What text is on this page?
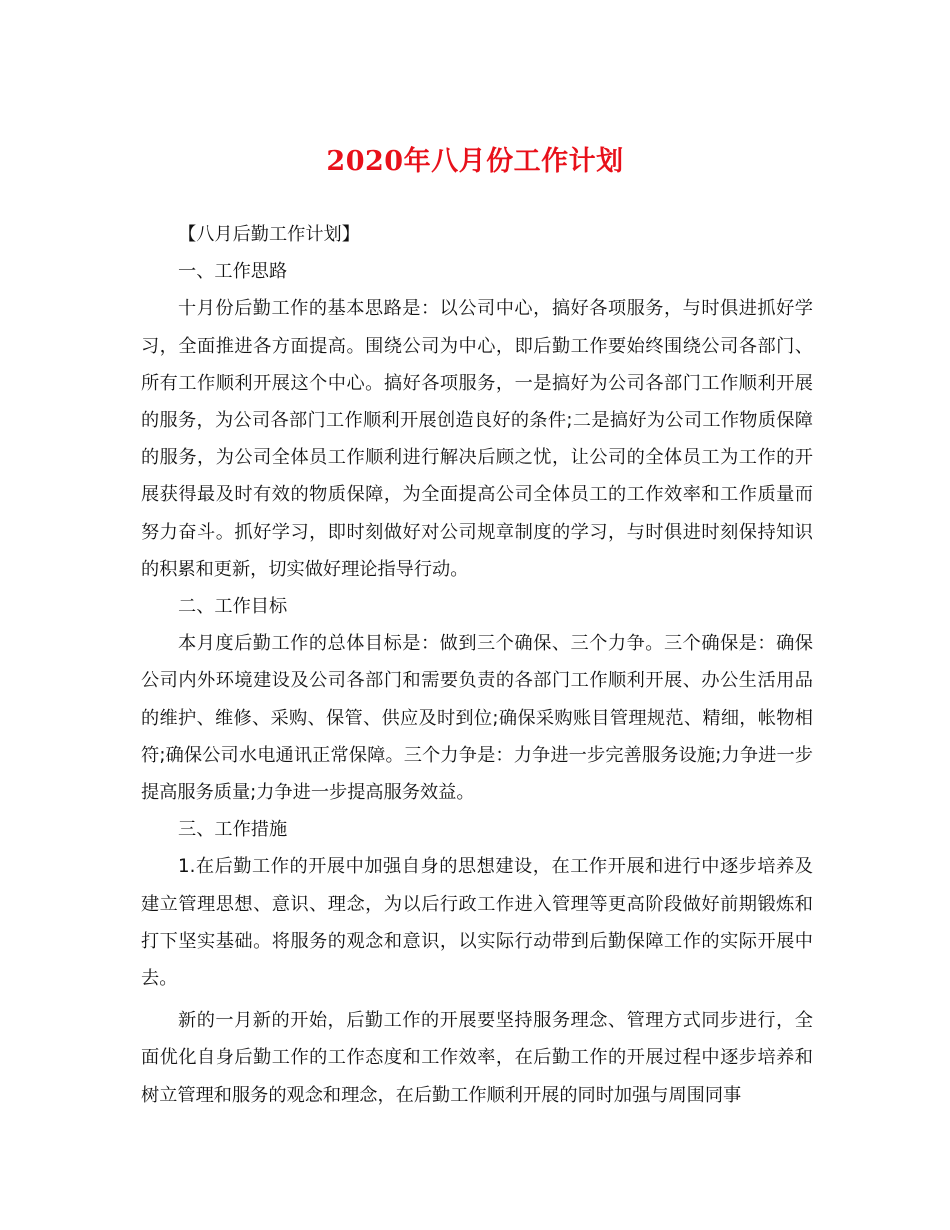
2020年八月份工作计划

【八月后勤工作计划】

一、工作思路

十月份后勤工作的基本思路是：以公司中心，搞好各项服务，与时俱进抓好学习，全面推进各方面提高。围绕公司为中心，即后勤工作要始终围绕公司各部门、所有工作顺利开展这个中心。搞好各项服务，一是搞好为公司各部门工作顺利开展的服务，为公司各部门工作顺利开展创造良好的条件;二是搞好为公司工作物质保障的服务，为公司全体员工作顺利进行解决后顾之忧，让公司的全体员工为工作的开展获得最及时有效的物质保障，为全面提高公司全体员工的工作效率和工作质量而努力奋斗。抓好学习，即时刻做好对公司规章制度的学习，与时俱进时刻保持知识的积累和更新，切实做好理论指导行动。

二、工作目标

本月度后勤工作的总体目标是：做到三个确保、三个力争。三个确保是：确保公司内外环境建设及公司各部门和需要负责的各部门工作顺利开展、办公生活用品的维护、维修、采购、保管、供应及时到位;确保采购账目管理规范、精细，帐物相符;确保公司水电通讯正常保障。三个力争是：力争进一步完善服务设施;力争进一步提高服务质量;力争进一步提高服务效益。

三、工作措施

1.在后勤工作的开展中加强自身的思想建设，在工作开展和进行中逐步培养及建立管理思想、意识、理念，为以后行政工作进入管理等更高阶段做好前期锻炼和打下坚实基础。将服务的观念和意识，以实际行动带到后勤保障工作的实际开展中去。

新的一月新的开始，后勤工作的开展要坚持服务理念、管理方式同步进行，全面优化自身后勤工作的工作态度和工作效率，在后勤工作的开展过程中逐步培养和树立管理和服务的观念和理念，在后勤工作顺利开展的同时加强与周围同事
